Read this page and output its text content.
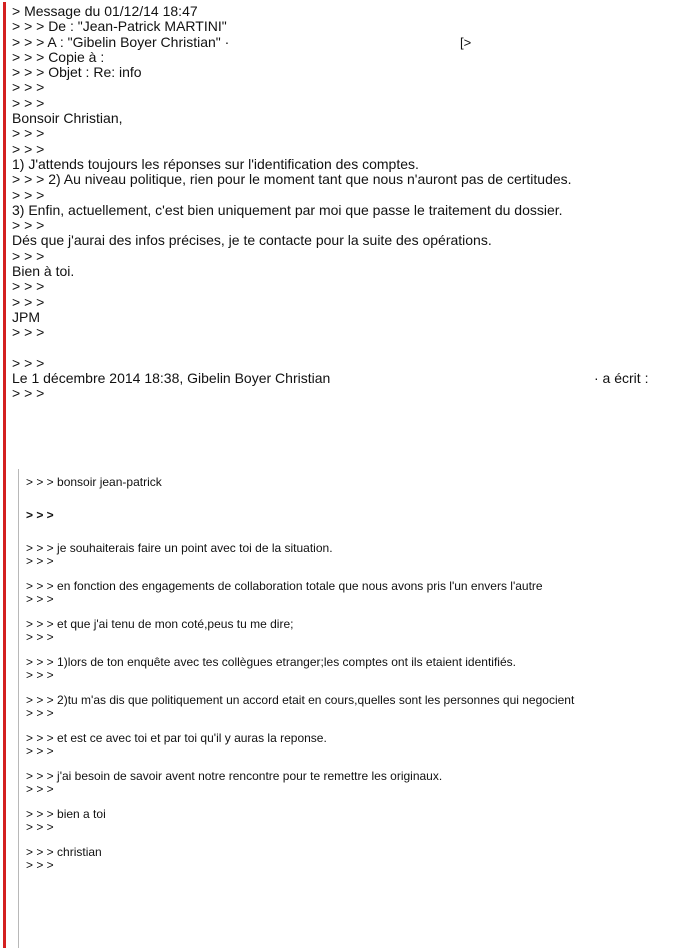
> Message du 01/12/14 18:47
> > > De : "Jean-Patrick MARTINI"
> > > A : "Gibelin Boyer Christian" ·	[>
> > > Copie à :
> > > Objet : Re: info
> > >
> > >
Bonsoir Christian,
> > >
> > >
1) J'attends toujours les réponses sur l'identification des comptes.
> > > 2) Au niveau politique, rien pour le moment tant que nous n'auront pas de certitudes.
> > >
3) Enfin, actuellement, c'est bien uniquement par moi que passe le traitement du dossier.
> > >
Dés que j'aurai des infos précises, je te contacte pour la suite des opérations.
> > >
Bien à toi.
> > >
> > >
JPM
> > >
> > >
Le 1 décembre 2014 18:38, Gibelin Boyer Christian	· a écrit :
> > >
> > > bonsoir jean-patrick
> > >
> > > je souhaiterais faire un point avec toi de la situation.
> > >
> > > en fonction des engagements de collaboration totale que nous avons pris l'un envers l'autre
> > >
> > > et que j'ai tenu de mon coté,peus tu me dire;
> > >
> > > 1)lors de ton enquête avec tes collègues etranger;les comptes ont ils etaient identifiés.
> > >
> > > 2)tu m'as dis que politiquement un accord etait en cours,quelles sont les personnes qui negocient
> > >
> > > et est ce avec toi et par toi qu'il y auras la reponse.
> > >
> > > j'ai besoin de savoir avent notre rencontre pour te remettre les originaux.
> > >
> > > bien a toi
> > >
> > > christian
> > >
